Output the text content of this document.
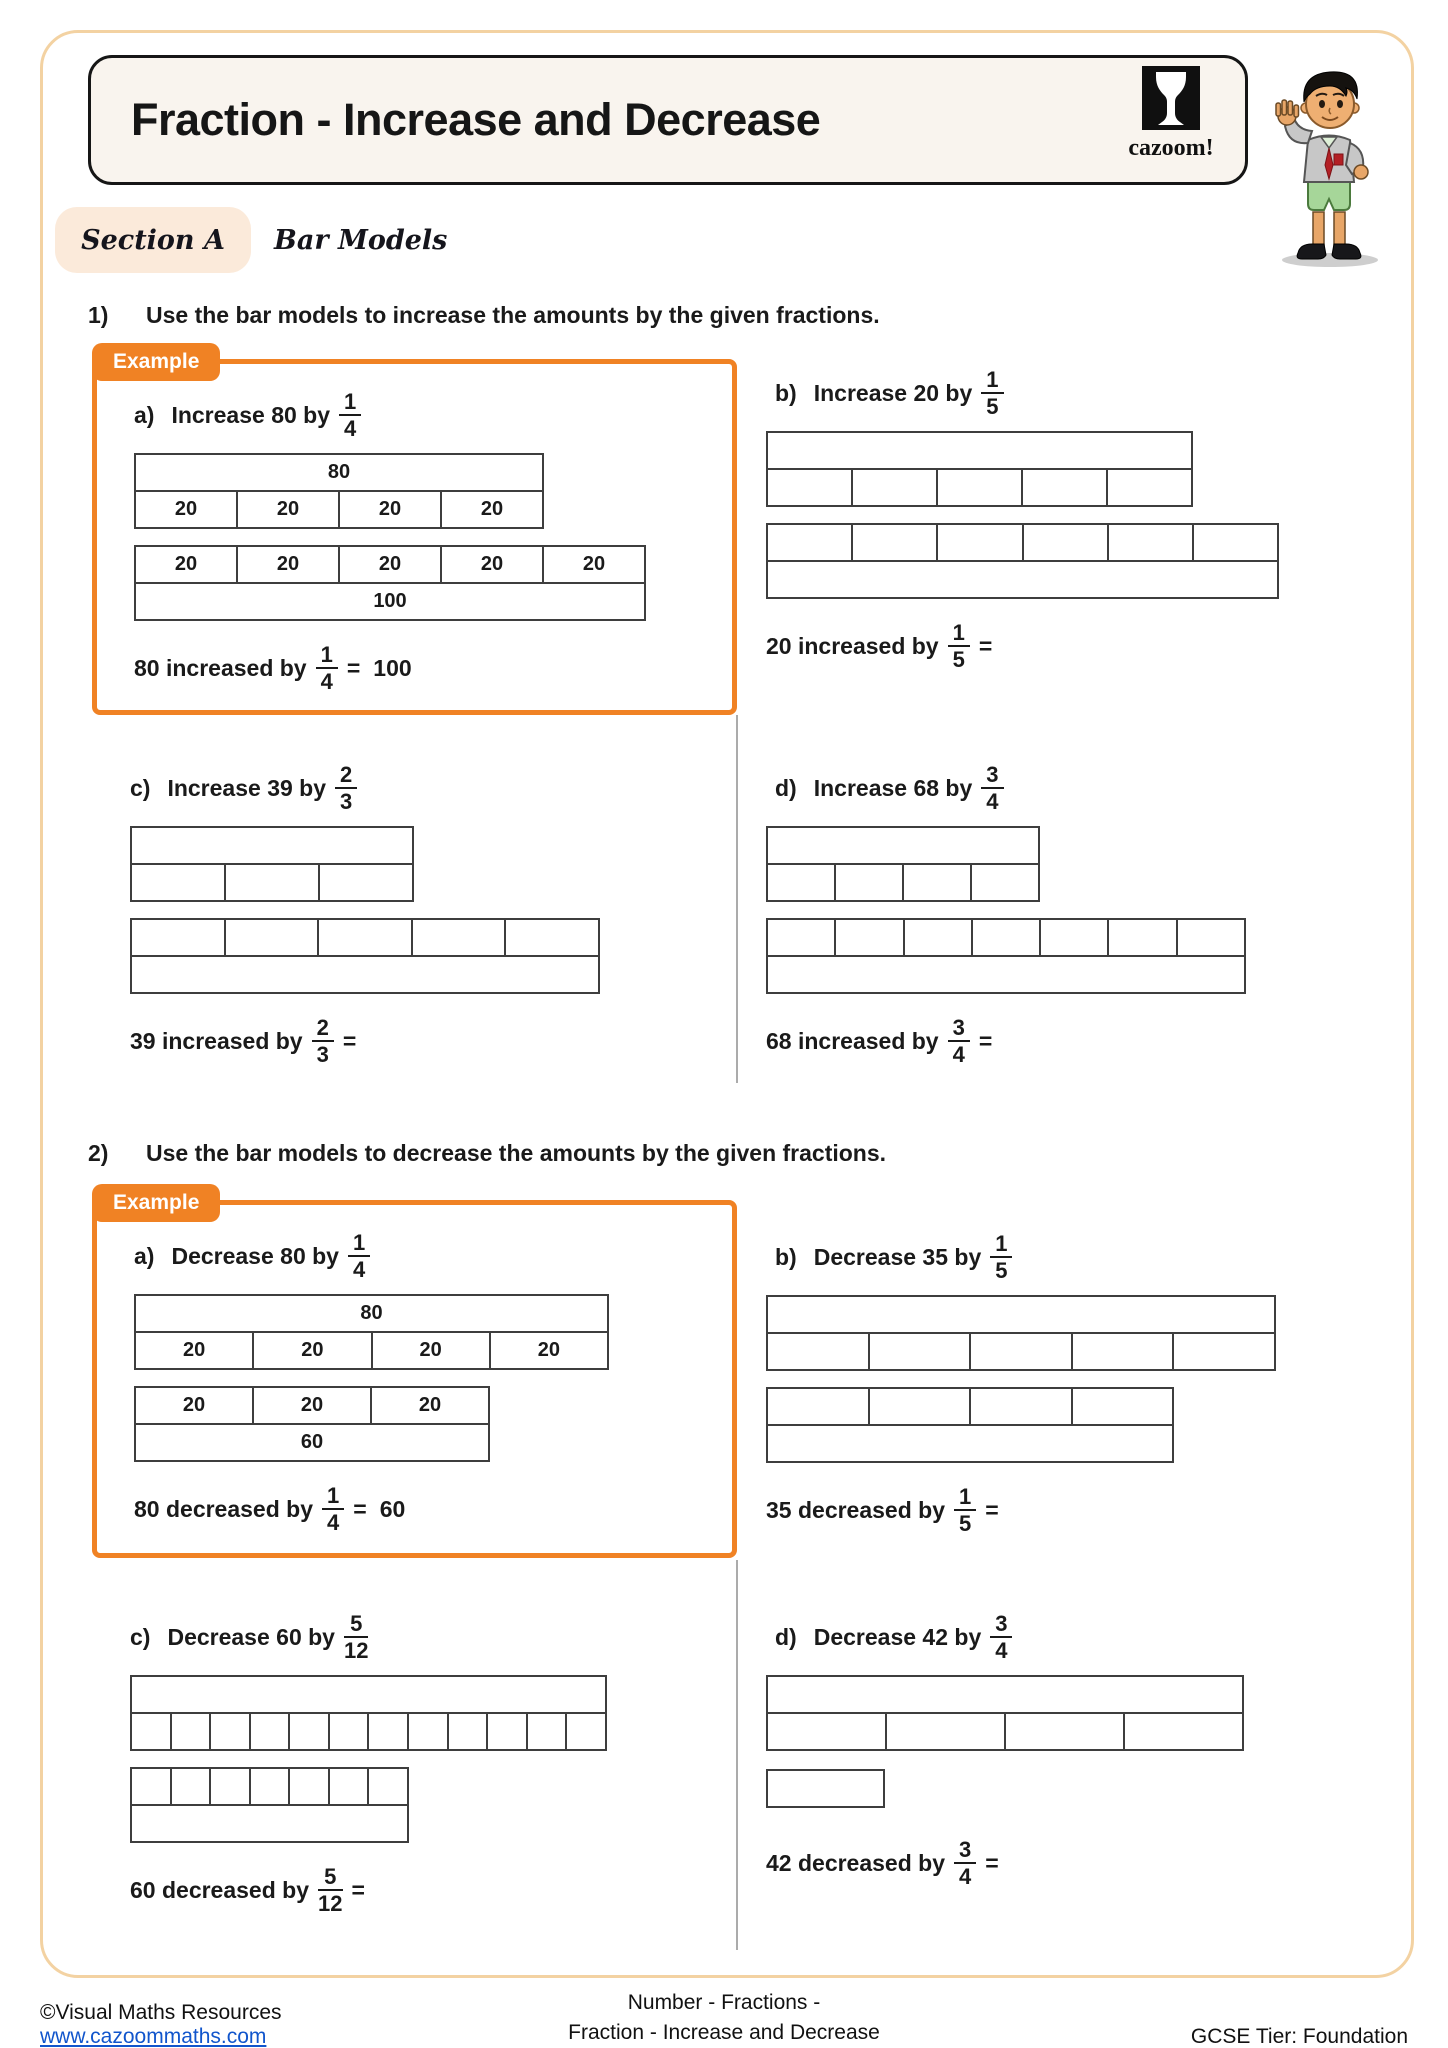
Fraction - Increase and Decrease
cazoom!
Section A Bar Models
1)	Use the bar models to increase the amounts by the given fractions.
Example
a) Increase 80 by $\frac{1}{4}$
80
20	20	20	20
20	20	20	20	20
100
80 increased by $\frac{1}{4} = 100$
b) Increase 20 by $\frac{1}{5}$
20 increased by $\frac{1}{5}$ =
c) Increase 39 by $\frac{2}{3}$
39 increased by $\frac{2}{3}$ =
d) Increase 68 by $\frac{3}{4}$
68 increased by $\frac{3}{4}$ =
2)	Use the bar models to decrease the amounts by the given fractions.
Example
a) Decrease 80 by $\frac{1}{4}$
80
20	20	20	20
20	20	20
60
80 decreased by $\frac{1}{4} = 60$
b) Decrease 35 by $\frac{1}{5}$
35 decreased by $\frac{1}{5}$ =
c) Decrease 60 by $\frac{5}{12}$
60 decreased by $\frac{5}{12}$ =
d) Decrease 42 by $\frac{3}{4}$
42 decreased by $\frac{3}{4}$ =
©Visual Maths Resources
www.cazoommaths.com
Number - Fractions -
Fraction - Increase and Decrease	GCSE Tier: Foundation
